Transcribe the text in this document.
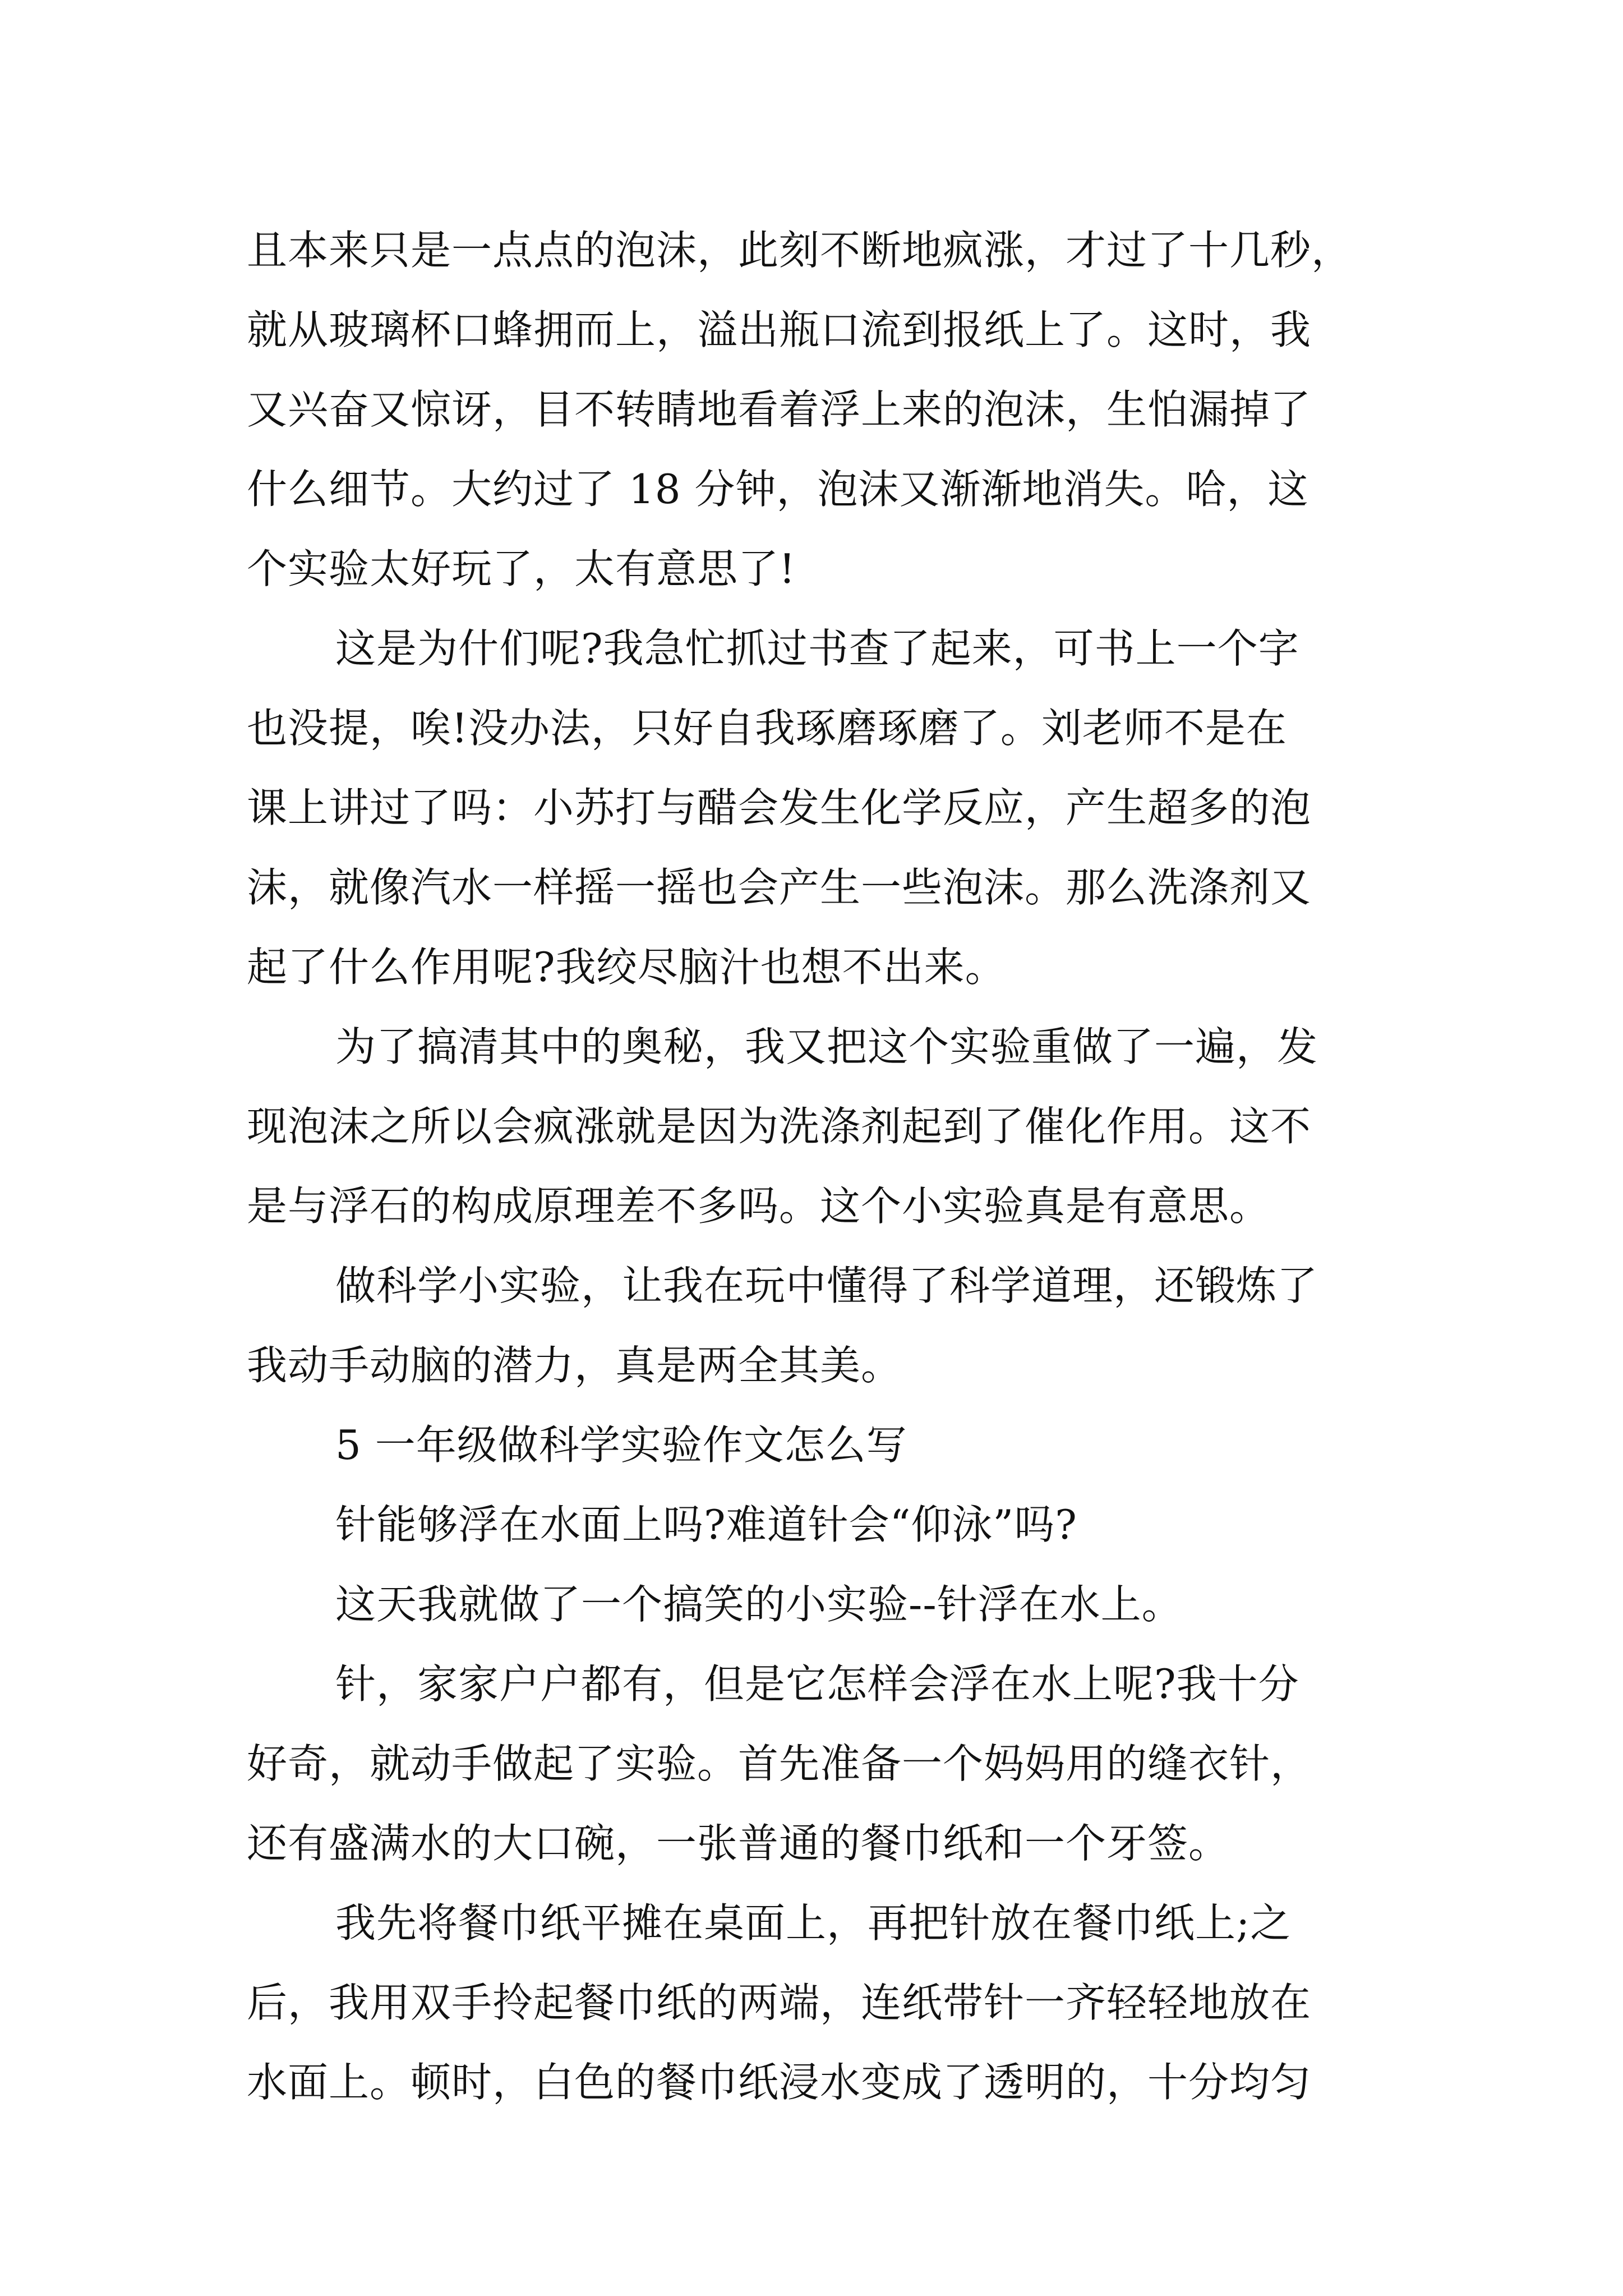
且本来只是一点点的泡沫，此刻不断地疯涨，才过了十几秒，
就从玻璃杯口蜂拥而上，溢出瓶口流到报纸上了。这时，我
又兴奋又惊讶，目不转睛地看着浮上来的泡沫，生怕漏掉了
什么细节。大约过了 18 分钟，泡沫又渐渐地消失。哈，这
个实验太好玩了，太有意思了!
这是为什们呢?我急忙抓过书查了起来，可书上一个字
也没提，唉!没办法，只好自我琢磨琢磨了。刘老师不是在
课上讲过了吗：小苏打与醋会发生化学反应，产生超多的泡
沫，就像汽水一样摇一摇也会产生一些泡沫。那么洗涤剂又
起了什么作用呢?我绞尽脑汁也想不出来。
为了搞清其中的奥秘，我又把这个实验重做了一遍，发
现泡沫之所以会疯涨就是因为洗涤剂起到了催化作用。这不
是与浮石的构成原理差不多吗。这个小实验真是有意思。
做科学小实验，让我在玩中懂得了科学道理，还锻炼了
我动手动脑的潜力，真是两全其美。
5 一年级做科学实验作文怎么写
针能够浮在水面上吗?难道针会“仰泳”吗?
这天我就做了一个搞笑的小实验--针浮在水上。
针，家家户户都有，但是它怎样会浮在水上呢?我十分
好奇，就动手做起了实验。首先准备一个妈妈用的缝衣针，
还有盛满水的大口碗，一张普通的餐巾纸和一个牙签。
我先将餐巾纸平摊在桌面上，再把针放在餐巾纸上;之
后，我用双手拎起餐巾纸的两端，连纸带针一齐轻轻地放在
水面上。顿时，白色的餐巾纸浸水变成了透明的，十分均匀
